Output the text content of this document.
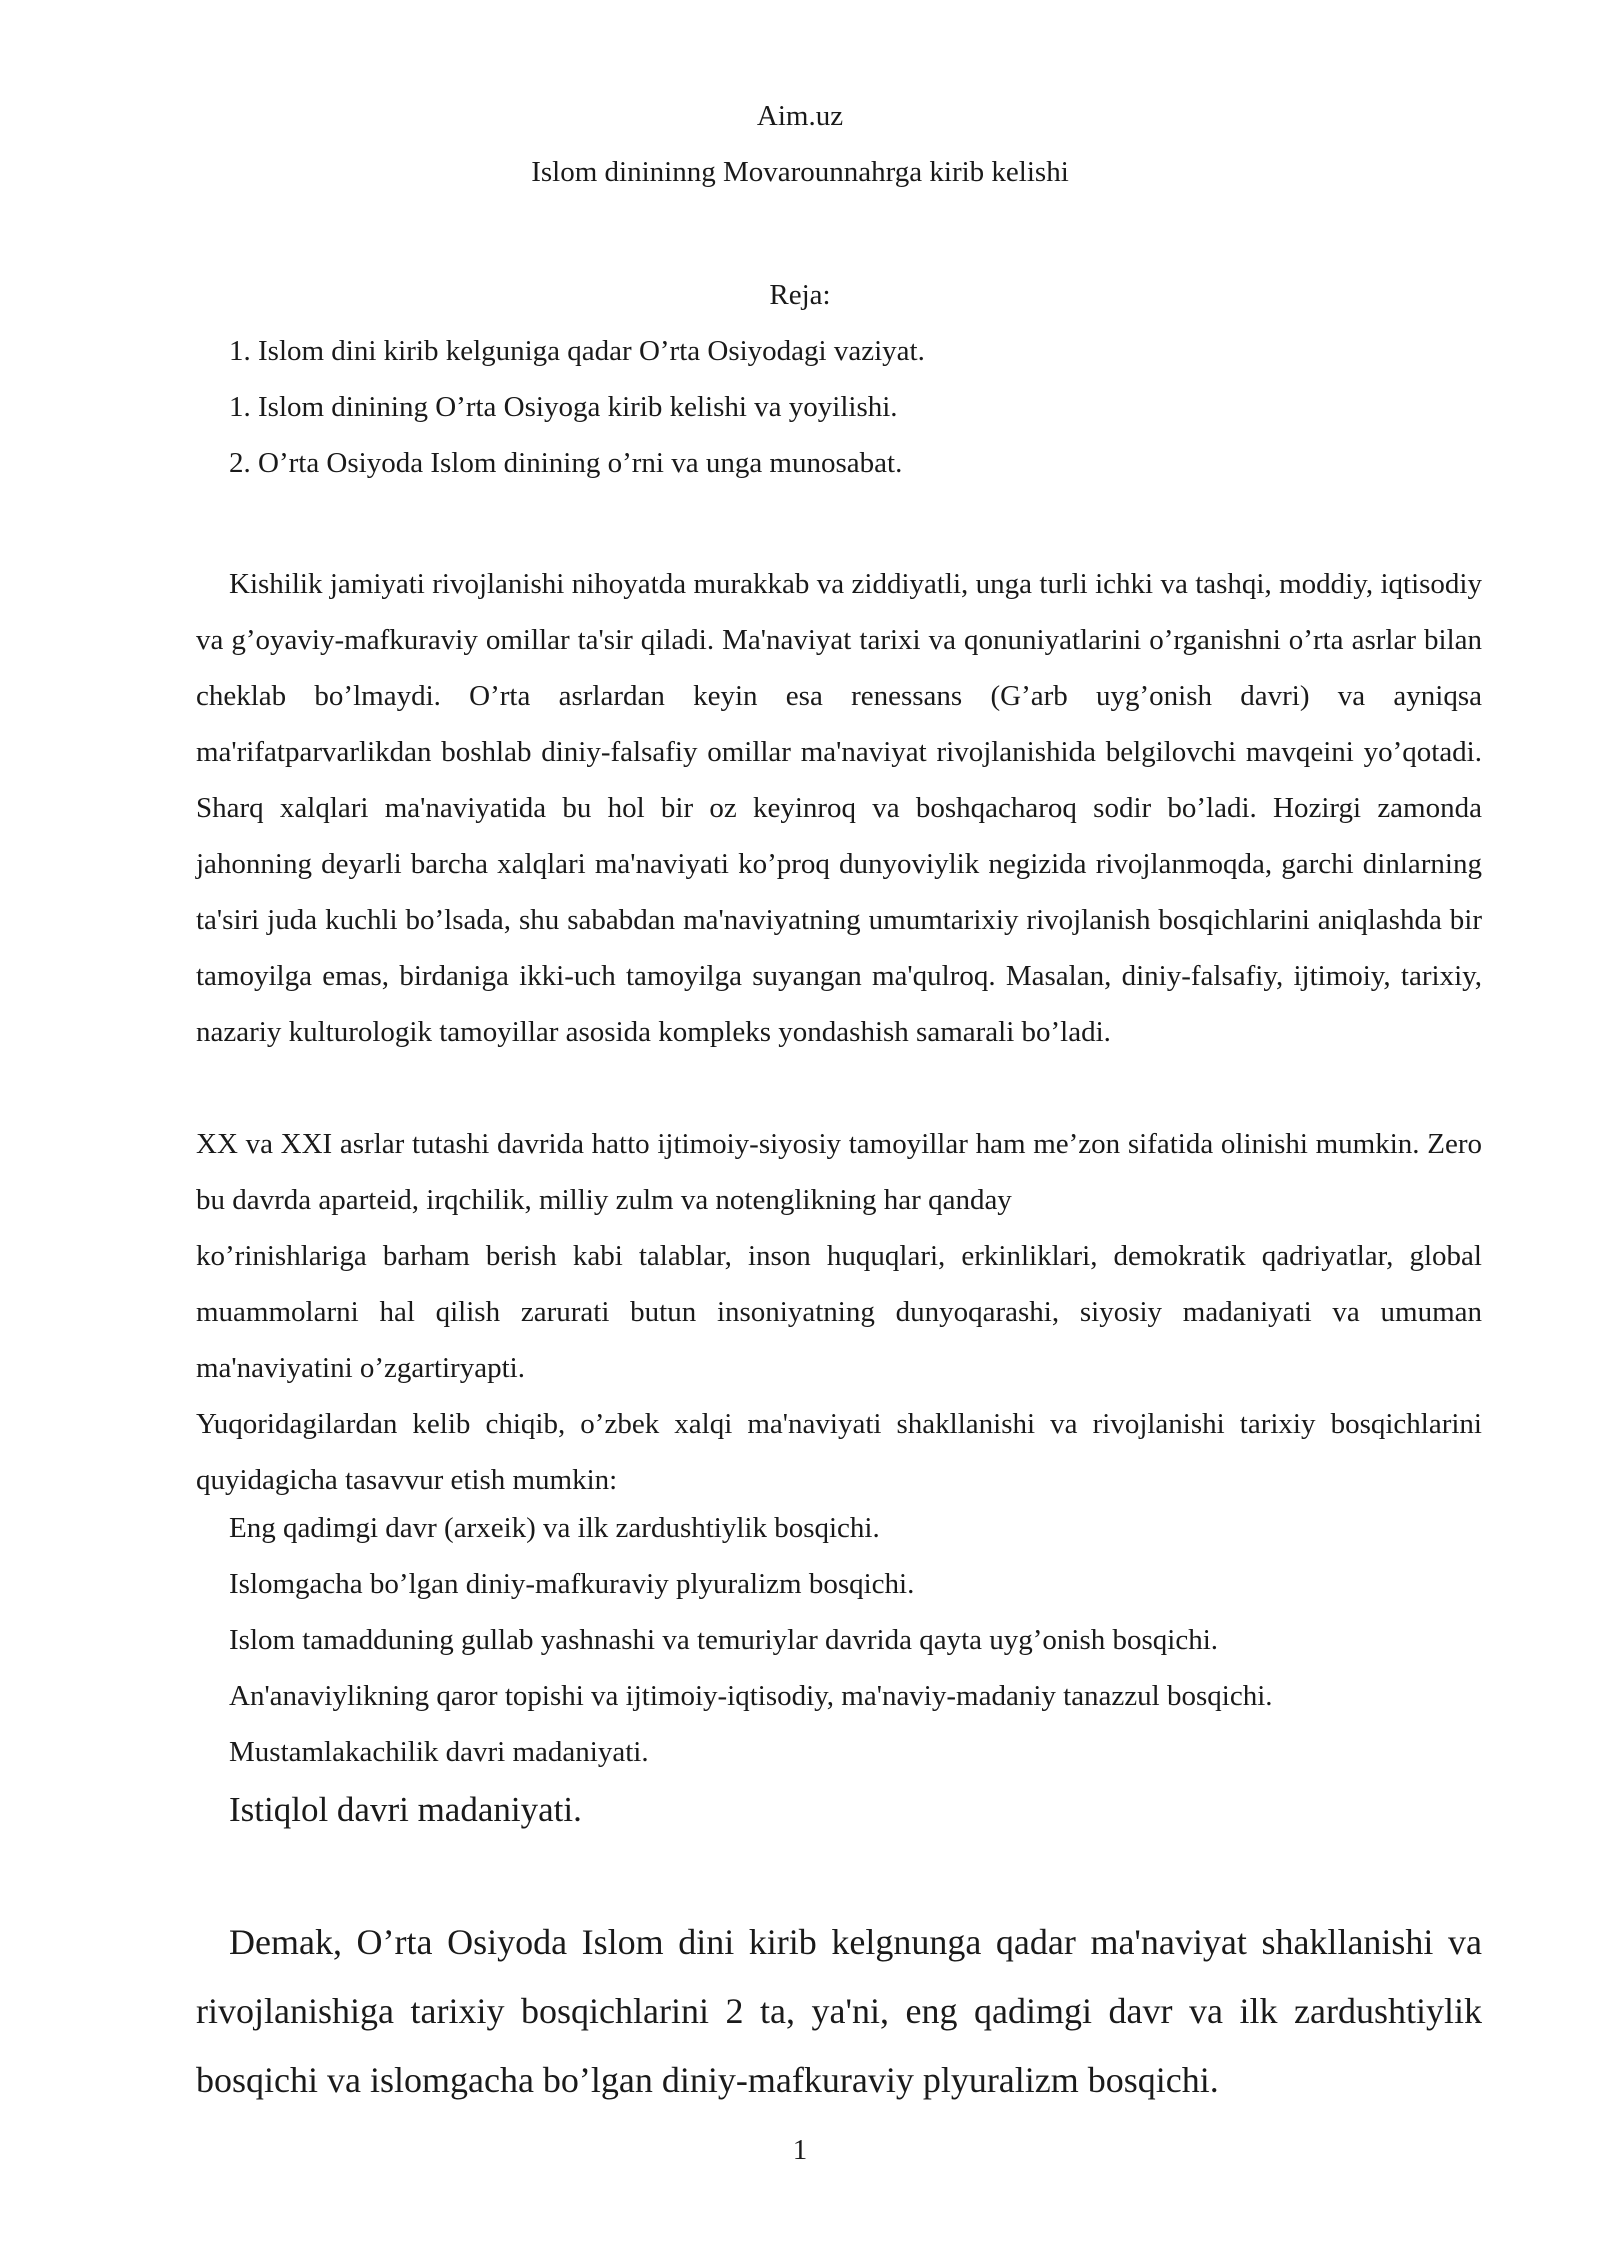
Aim.uz
Islom dinininng Movarounnahrga kirib kelishi
Reja:
1. Islom dini kirib kelguniga qadar O’rta Osiyodagi vaziyat.
1. Islom dinining O’rta Osiyoga kirib kelishi va yoyilishi.
2. O’rta Osiyoda Islom dinining o’rni va unga munosabat.

Kishilik jamiyati rivojlanishi nihoyatda murakkab va ziddiyatli, unga turli ichki va tashqi, moddiy, iqtisodiy va g’oyaviy-mafkuraviy omillar ta'sir qiladi. Ma'naviyat tarixi va qonuniyatlarini o’rganishni o’rta asrlar bilan cheklab bo’lmaydi. O’rta asrlardan keyin esa renessans (G’arb uyg’onish davri) va ayniqsa ma'rifatparvarlikdan boshlab diniy-falsafiy omillar ma'naviyat rivojlanishida belgilovchi mavqeini yo’qotadi. Sharq xalqlari ma'naviyatida bu hol bir oz keyinroq va boshqacharoq sodir bo’ladi. Hozirgi zamonda jahonning deyarli barcha xalqlari ma'naviyati ko’proq dunyoviylik negizida rivojlanmoqda, garchi dinlarning ta'siri juda kuchli bo’lsada, shu sababdan ma'naviyatning umumtarixiy rivojlanish bosqichlarini aniqlashda bir tamoyilga emas, birdaniga ikki-uch tamoyilga suyangan ma'qulroq. Masalan, diniy-falsafiy, ijtimoiy, tarixiy, nazariy kulturologik tamoyillar asosida kompleks yondashish samarali bo’ladi.

XX va XXI asrlar tutashi davrida hatto ijtimoiy-siyosiy tamoyillar ham me’zon sifatida olinishi mumkin. Zero bu davrda aparteid, irqchilik, milliy zulm va notenglikning har qanday

ko’rinishlariga barham berish kabi talablar, inson huquqlari, erkinliklari, demokratik qadriyatlar, global muammolarni hal qilish zarurati butun insoniyatning dunyoqarashi, siyosiy madaniyati va umuman ma'naviyatini o’zgartiryapti.

Yuqoridagilardan kelib chiqib, o’zbek xalqi ma'naviyati shakllanishi va rivojlanishi tarixiy bosqichlarini quyidagicha tasavvur etish mumkin:

Eng qadimgi davr (arxeik) va ilk zardushtiylik bosqichi.
Islomgacha bo’lgan diniy-mafkuraviy plyuralizm bosqichi.
Islom tamadduning gullab yashnashi va temuriylar davrida qayta uyg’onish bosqichi.
An'anaviylikning qaror topishi va ijtimoiy-iqtisodiy, ma'naviy-madaniy tanazzul bosqichi.
Mustamlakachilik davri madaniyati.
Istiqlol davri madaniyati.

Demak, O’rta Osiyoda Islom dini kirib kelgnunga qadar ma'naviyat shakllanishi va rivojlanishiga tarixiy bosqichlarini 2 ta, ya'ni, eng qadimgi davr va ilk zardushtiylik bosqichi va islomgacha bo’lgan diniy-mafkuraviy plyuralizm bosqichi.

1
